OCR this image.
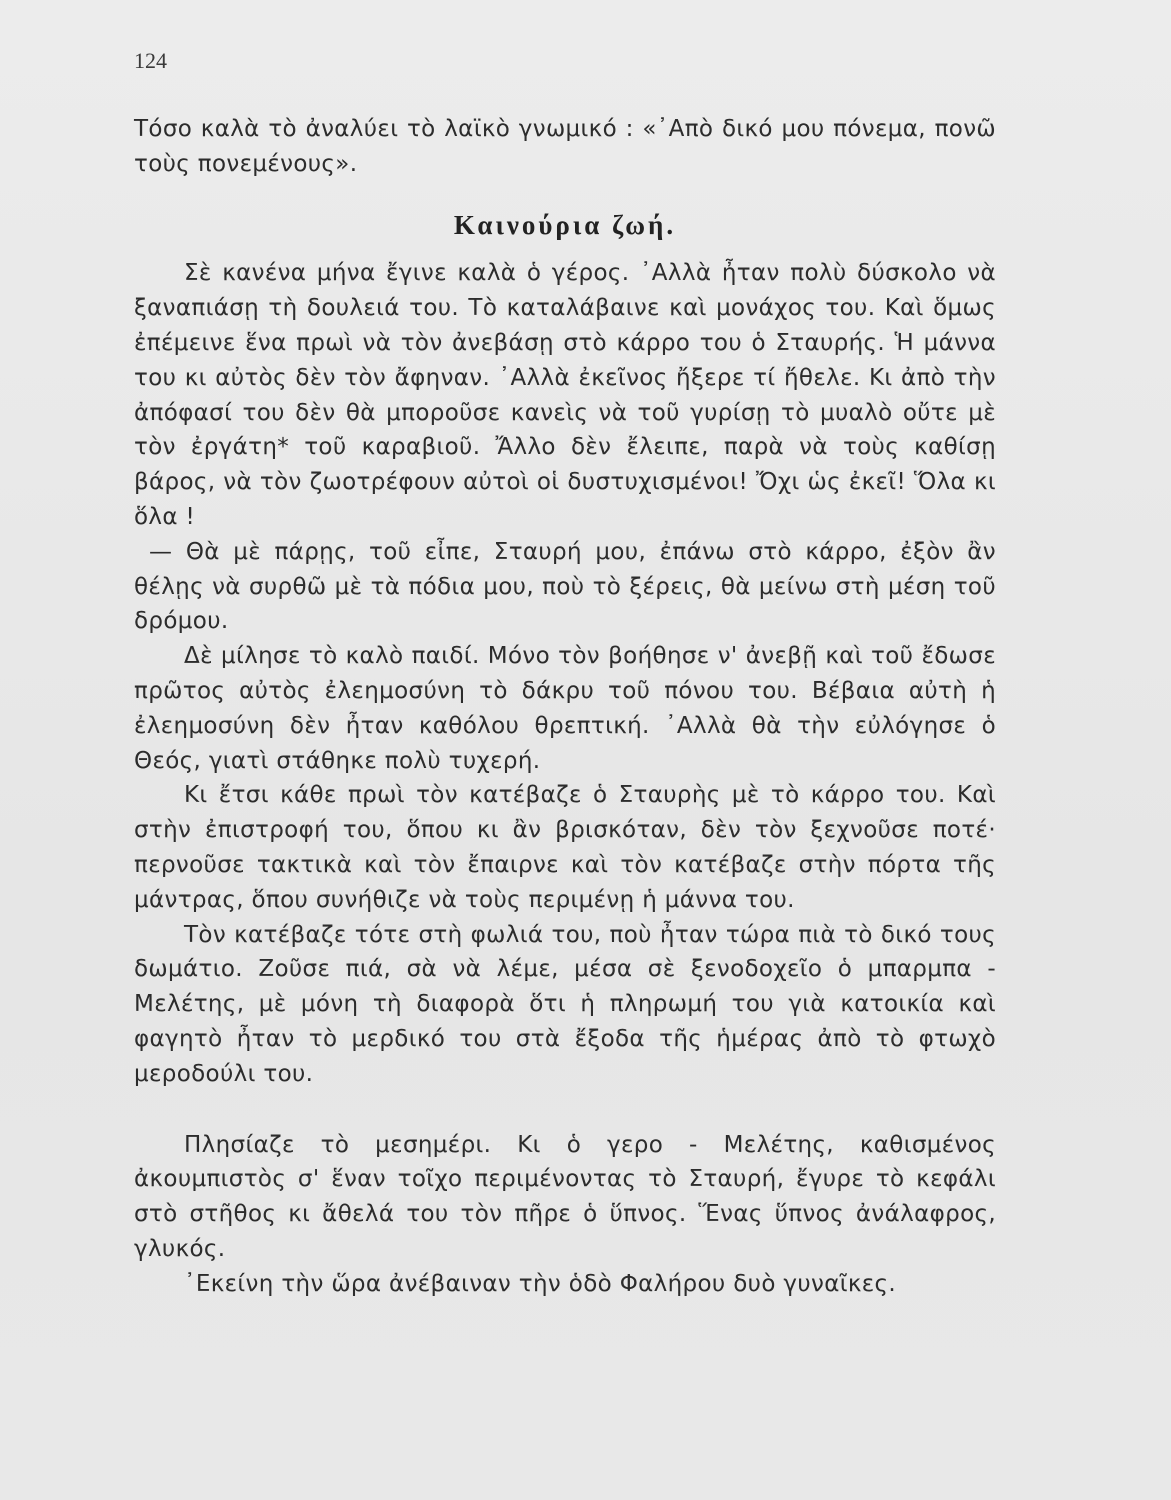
124

Τόσο καλὰ τὸ ἀναλύει τὸ λαϊκὸ γνωμικό : «᾿Απὸ δικό μου πόνεμα, πονῶ τοὺς πονεμένους».

Καινούρια ζωή.

Σὲ κανένα μήνα ἔγινε καλὰ ὁ γέρος. ᾿Αλλὰ ἦταν πολὺ δύσκολο νὰ ξαναπιάσῃ τὴ δουλειά του. Τὸ καταλάβαινε καὶ μονάχος του. Καὶ ὅμως ἐπέμεινε ἕνα πρωὶ νὰ τὸν ἀνεβάσῃ στὸ κάρρο του ὁ Σταυρής. Ἡ μάννα του κι αὐτὸς δὲν τὸν ἄφηναν. ᾿Αλλὰ ἐκεῖνος ἤξερε τί ἤθελε. Κι ἀπὸ τὴν ἀπόφασί του δὲν θὰ μποροῦσε κανεὶς νὰ τοῦ γυρίσῃ τὸ μυαλὸ οὔτε μὲ τὸν ἐργάτη* τοῦ καραβιοῦ. Ἄλλο δὲν ἔλειπε, παρὰ νὰ τοὺς καθίσῃ βάρος, νὰ τὸν ζωοτρέφουν αὐτοὶ οἱ δυστυχισμένοι! Ὄχι ὡς ἐκεῖ! Ὅλα κι ὅλα !

— Θὰ μὲ πάρῃς, τοῦ εἶπε, Σταυρή μου, ἐπάνω στὸ κάρρο, ἐξὸν ἂν θέλῃς νὰ συρθῶ μὲ τὰ πόδια μου, ποὺ τὸ ξέρεις, θὰ μείνω στὴ μέση τοῦ δρόμου.

Δὲ μίλησε τὸ καλὸ παιδί. Μόνο τὸν βοήθησε ν' ἀνεβῇ καὶ τοῦ ἔδωσε πρῶτος αὐτὸς ἐλεημοσύνη τὸ δάκρυ τοῦ πόνου του. Βέβαια αὐτὴ ἡ ἐλεημοσύνη δὲν ἦταν καθόλου θρεπτική. ᾿Αλλὰ θὰ τὴν εὐλόγησε ὁ Θεός, γιατὶ στάθηκε πολὺ τυχερή.

Κι ἔτσι κάθε πρωὶ τὸν κατέβαζε ὁ Σταυρὴς μὲ τὸ κάρρο του. Καὶ στὴν ἐπιστροφή του, ὅπου κι ἂν βρισκόταν, δὲν τὸν ξεχνοῦσε ποτέ· περνοῦσε τακτικὰ καὶ τὸν ἔπαιρνε καὶ τὸν κατέβαζε στὴν πόρτα τῆς μάντρας, ὅπου συνήθιζε νὰ τοὺς περιμένῃ ἡ μάννα του.

Τὸν κατέβαζε τότε στὴ φωλιά του, ποὺ ἦταν τώρα πιὰ τὸ δικό τους δωμάτιο. Ζοῦσε πιά, σὰ νὰ λέμε, μέσα σὲ ξενοδοχεῖο ὁ μπαρμπα - Μελέτης, μὲ μόνη τὴ διαφορὰ ὅτι ἡ πληρωμή του γιὰ κατοικία καὶ φαγητὸ ἦταν τὸ μερδικό του στὰ ἔξοδα τῆς ἡμέρας ἀπὸ τὸ φτωχὸ μεροδούλι του.

Πλησίαζε τὸ μεσημέρι. Κι ὁ γερο - Μελέτης, καθισμένος ἀκουμπιστὸς σ' ἕναν τοῖχο περιμένοντας τὸ Σταυρή, ἔγυρε τὸ κεφάλι στὸ στῆθος κι ἄθελά του τὸν πῆρε ὁ ὕπνος. Ἕνας ὕπνος ἀνάλαφρος, γλυκός.

᾿Εκείνη τὴν ὥρα ἀνέβαιναν τὴν ὁδὸ Φαλήρου δυὸ γυναῖκες.
